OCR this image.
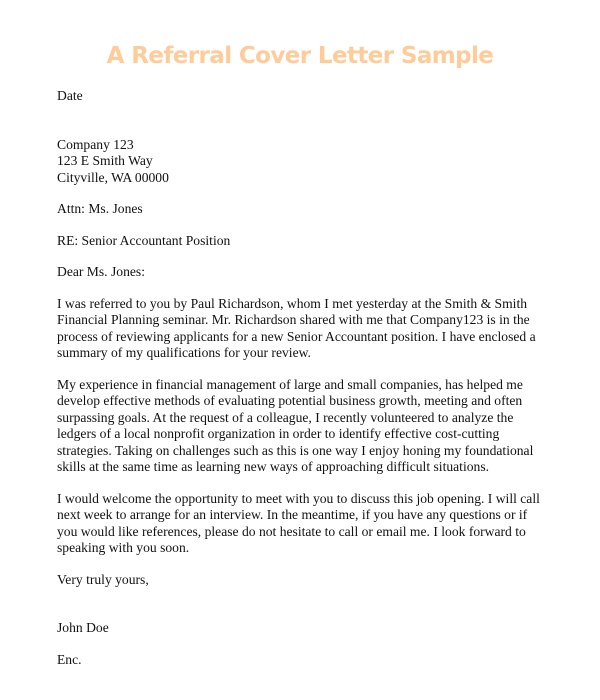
A Referral Cover Letter Sample
Date
Company 123
123 E Smith Way
Cityville, WA 00000
Attn: Ms. Jones
RE: Senior Accountant Position
Dear Ms. Jones:
I was referred to you by Paul Richardson, whom I met yesterday at the Smith & Smith
Financial Planning seminar. Mr. Richardson shared with me that Company123 is in the
process of reviewing applicants for a new Senior Accountant position. I have enclosed a
summary of my qualifications for your review.
My experience in financial management of large and small companies, has helped me
develop effective methods of evaluating potential business growth, meeting and often
surpassing goals. At the request of a colleague, I recently volunteered to analyze the
ledgers of a local nonprofit organization in order to identify effective cost-cutting
strategies. Taking on challenges such as this is one way I enjoy honing my foundational
skills at the same time as learning new ways of approaching difficult situations.
I would welcome the opportunity to meet with you to discuss this job opening. I will call
next week to arrange for an interview. In the meantime, if you have any questions or if
you would like references, please do not hesitate to call or email me. I look forward to
speaking with you soon.
Very truly yours,
John Doe
Enc.
